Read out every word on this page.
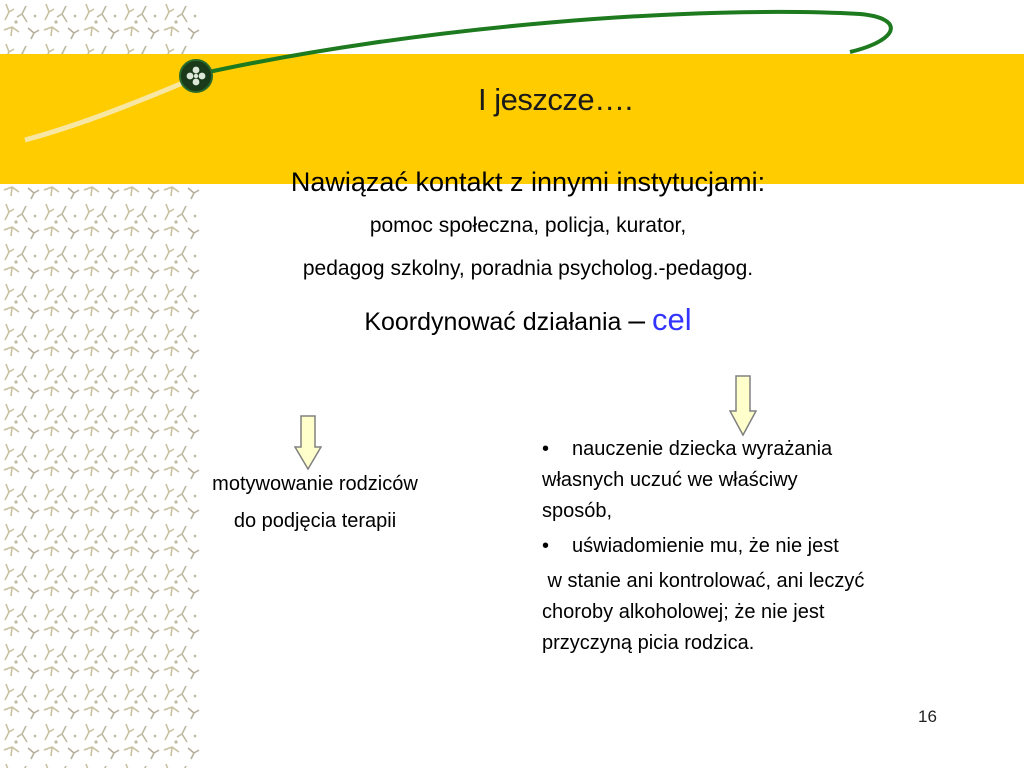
I jeszcze….
Nawiązać kontakt z innymi instytucjami:
pomoc społeczna, policja, kurator,
pedagog szkolny, poradnia psycholog.-pedagog.
Koordynować działania – cel
motywowanie rodziców
do podjęcia terapii

• nauczenie dziecka wyrażania

własnych uczuć we właściwy

sposób,

• uświadomienie mu, że nie jest

w stanie ani kontrolować, ani leczyć

choroby alkoholowej; że nie jest

przyczyną picia rodzica.

16
